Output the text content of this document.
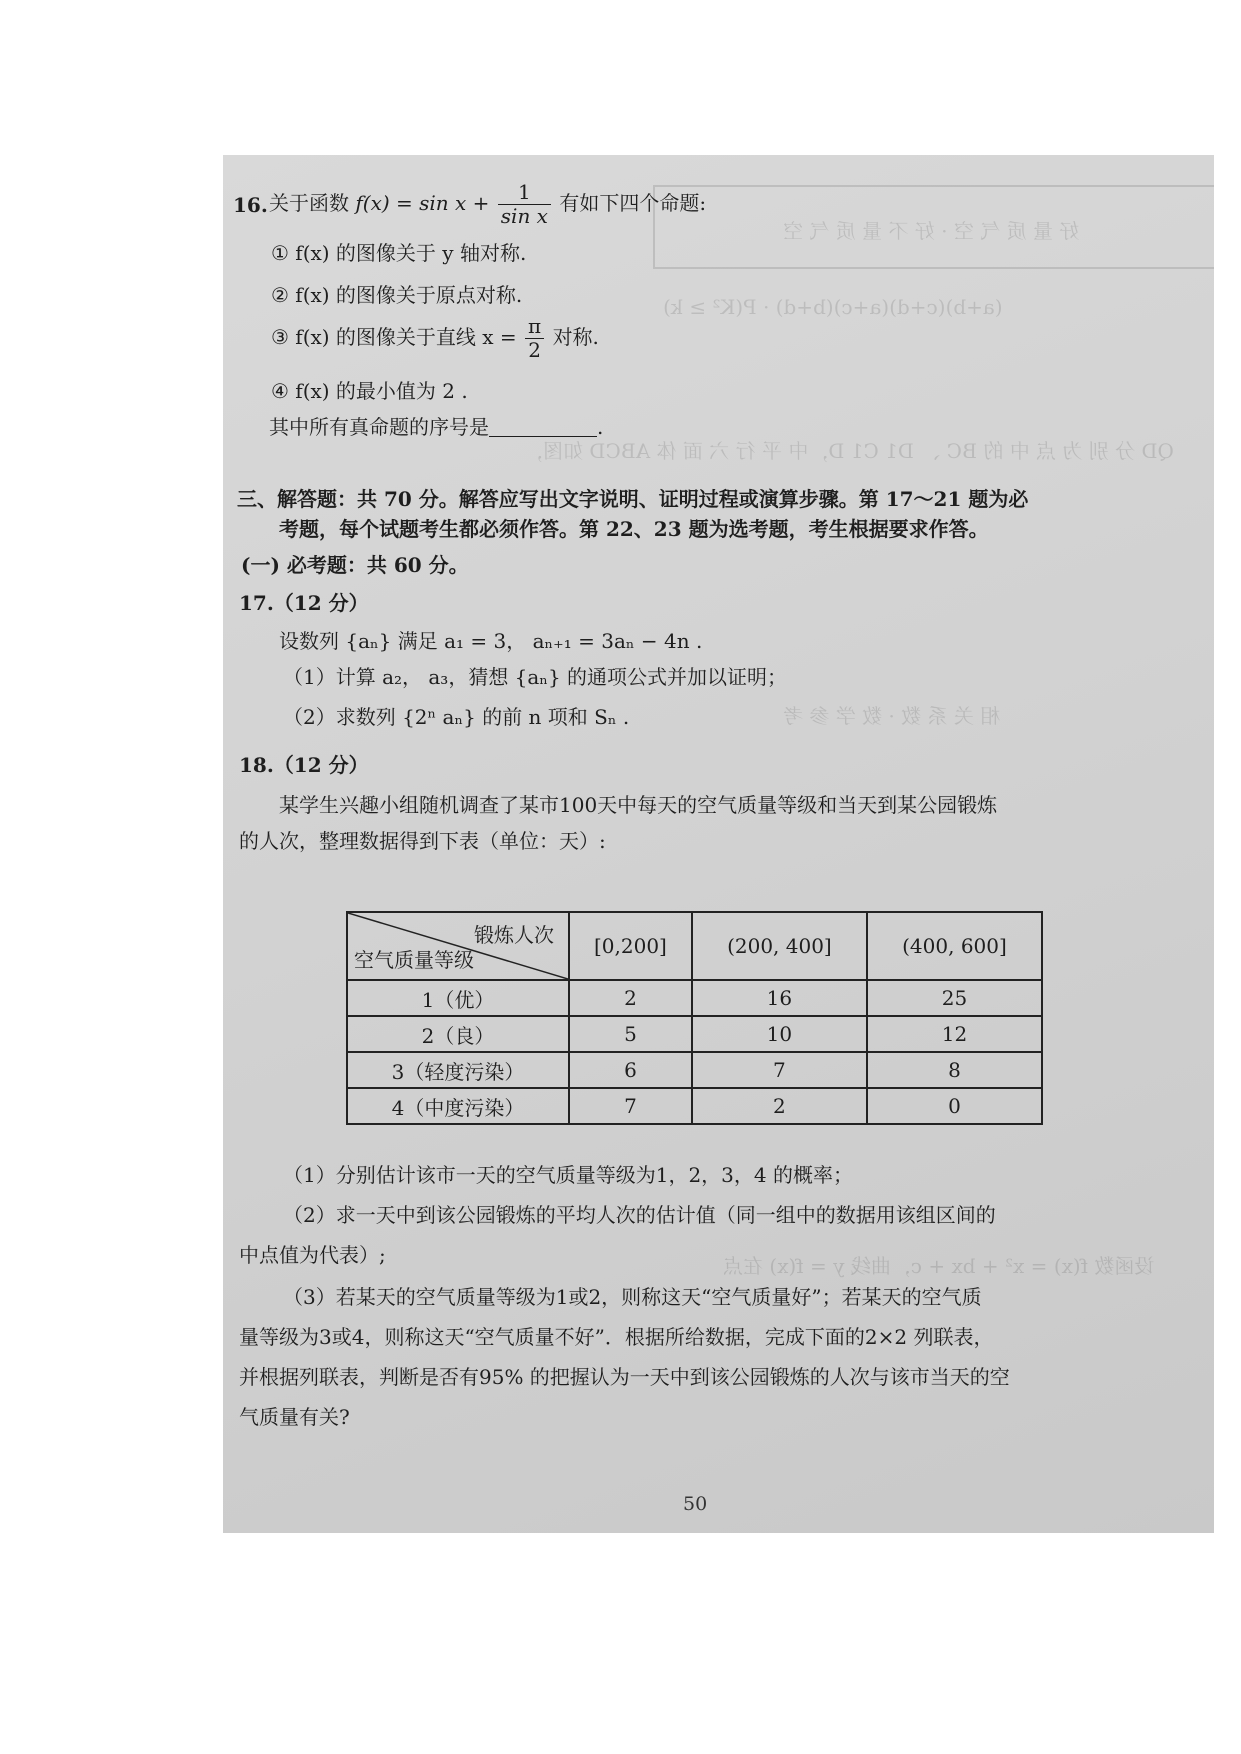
好 量 质 气 空 · 好 不 量 质 气 空
(a+b)(c+d)(a+c)(b+d) · P(K² ≥ k)
QD 分 别 为 点 中 的 BC 、 D1 C1 D，中 平 行 六 面 体 ABCD 如图，
相 关 系 数 · 数 学 参 考
设函数 f(x) = x² + bx + c，曲线 y = f(x) 在点
16. 关于函数 $f(x) = \sin x + \frac{1}{\text{sin x}}$ 有如下四个命题:
① f(x) 的图像关于 y 轴对称.
② f(x) 的图像关于原点对称.
③ f(x) 的图像关于直线 $x = \frac{\pi}{2}$ 对称.
④ f(x) 的最小值为 2 .
其中所有真命题的序号是	.
三、解答题：共 70 分。解答应写出文字说明、证明过程或演算步骤。第 17～21 题为必
考题，每个试题考生都必须作答。第 22、23 题为选考题，考生根据要求作答。
(一) 必考题：共 60 分。
17.（12 分）
设数列 {aₙ} 满足 a₁ = 3， aₙ₊₁ = 3aₙ − 4n .
（1）计算 a₂， a₃，猜想 {aₙ} 的通项公式并加以证明；
（2）求数列 {2ⁿ aₙ} 的前 n 项和 Sₙ .
18.（12 分）
某学生兴趣小组随机调查了某市100天中每天的空气质量等级和当天到某公园锻炼
的人次，整理数据得到下表（单位：天）:
锻炼人次
空气质量等级	[0,200]	(200, 400]	(400, 600]
1（优）	2	16	25
2（良）	5	10	12
3（轻度污染）	6	7	8
4（中度污染）	7	2	0
（1）分别估计该市一天的空气质量等级为1，2，3，4 的概率；
（2）求一天中到该公园锻炼的平均人次的估计值（同一组中的数据用该组区间的
中点值为代表）;
（3）若某天的空气质量等级为1或2，则称这天“空气质量好”；若某天的空气质
量等级为3或4，则称这天“空气质量不好”．根据所给数据，完成下面的2×2 列联表，
并根据列联表，判断是否有95% 的把握认为一天中到该公园锻炼的人次与该市当天的空
气质量有关?
50
